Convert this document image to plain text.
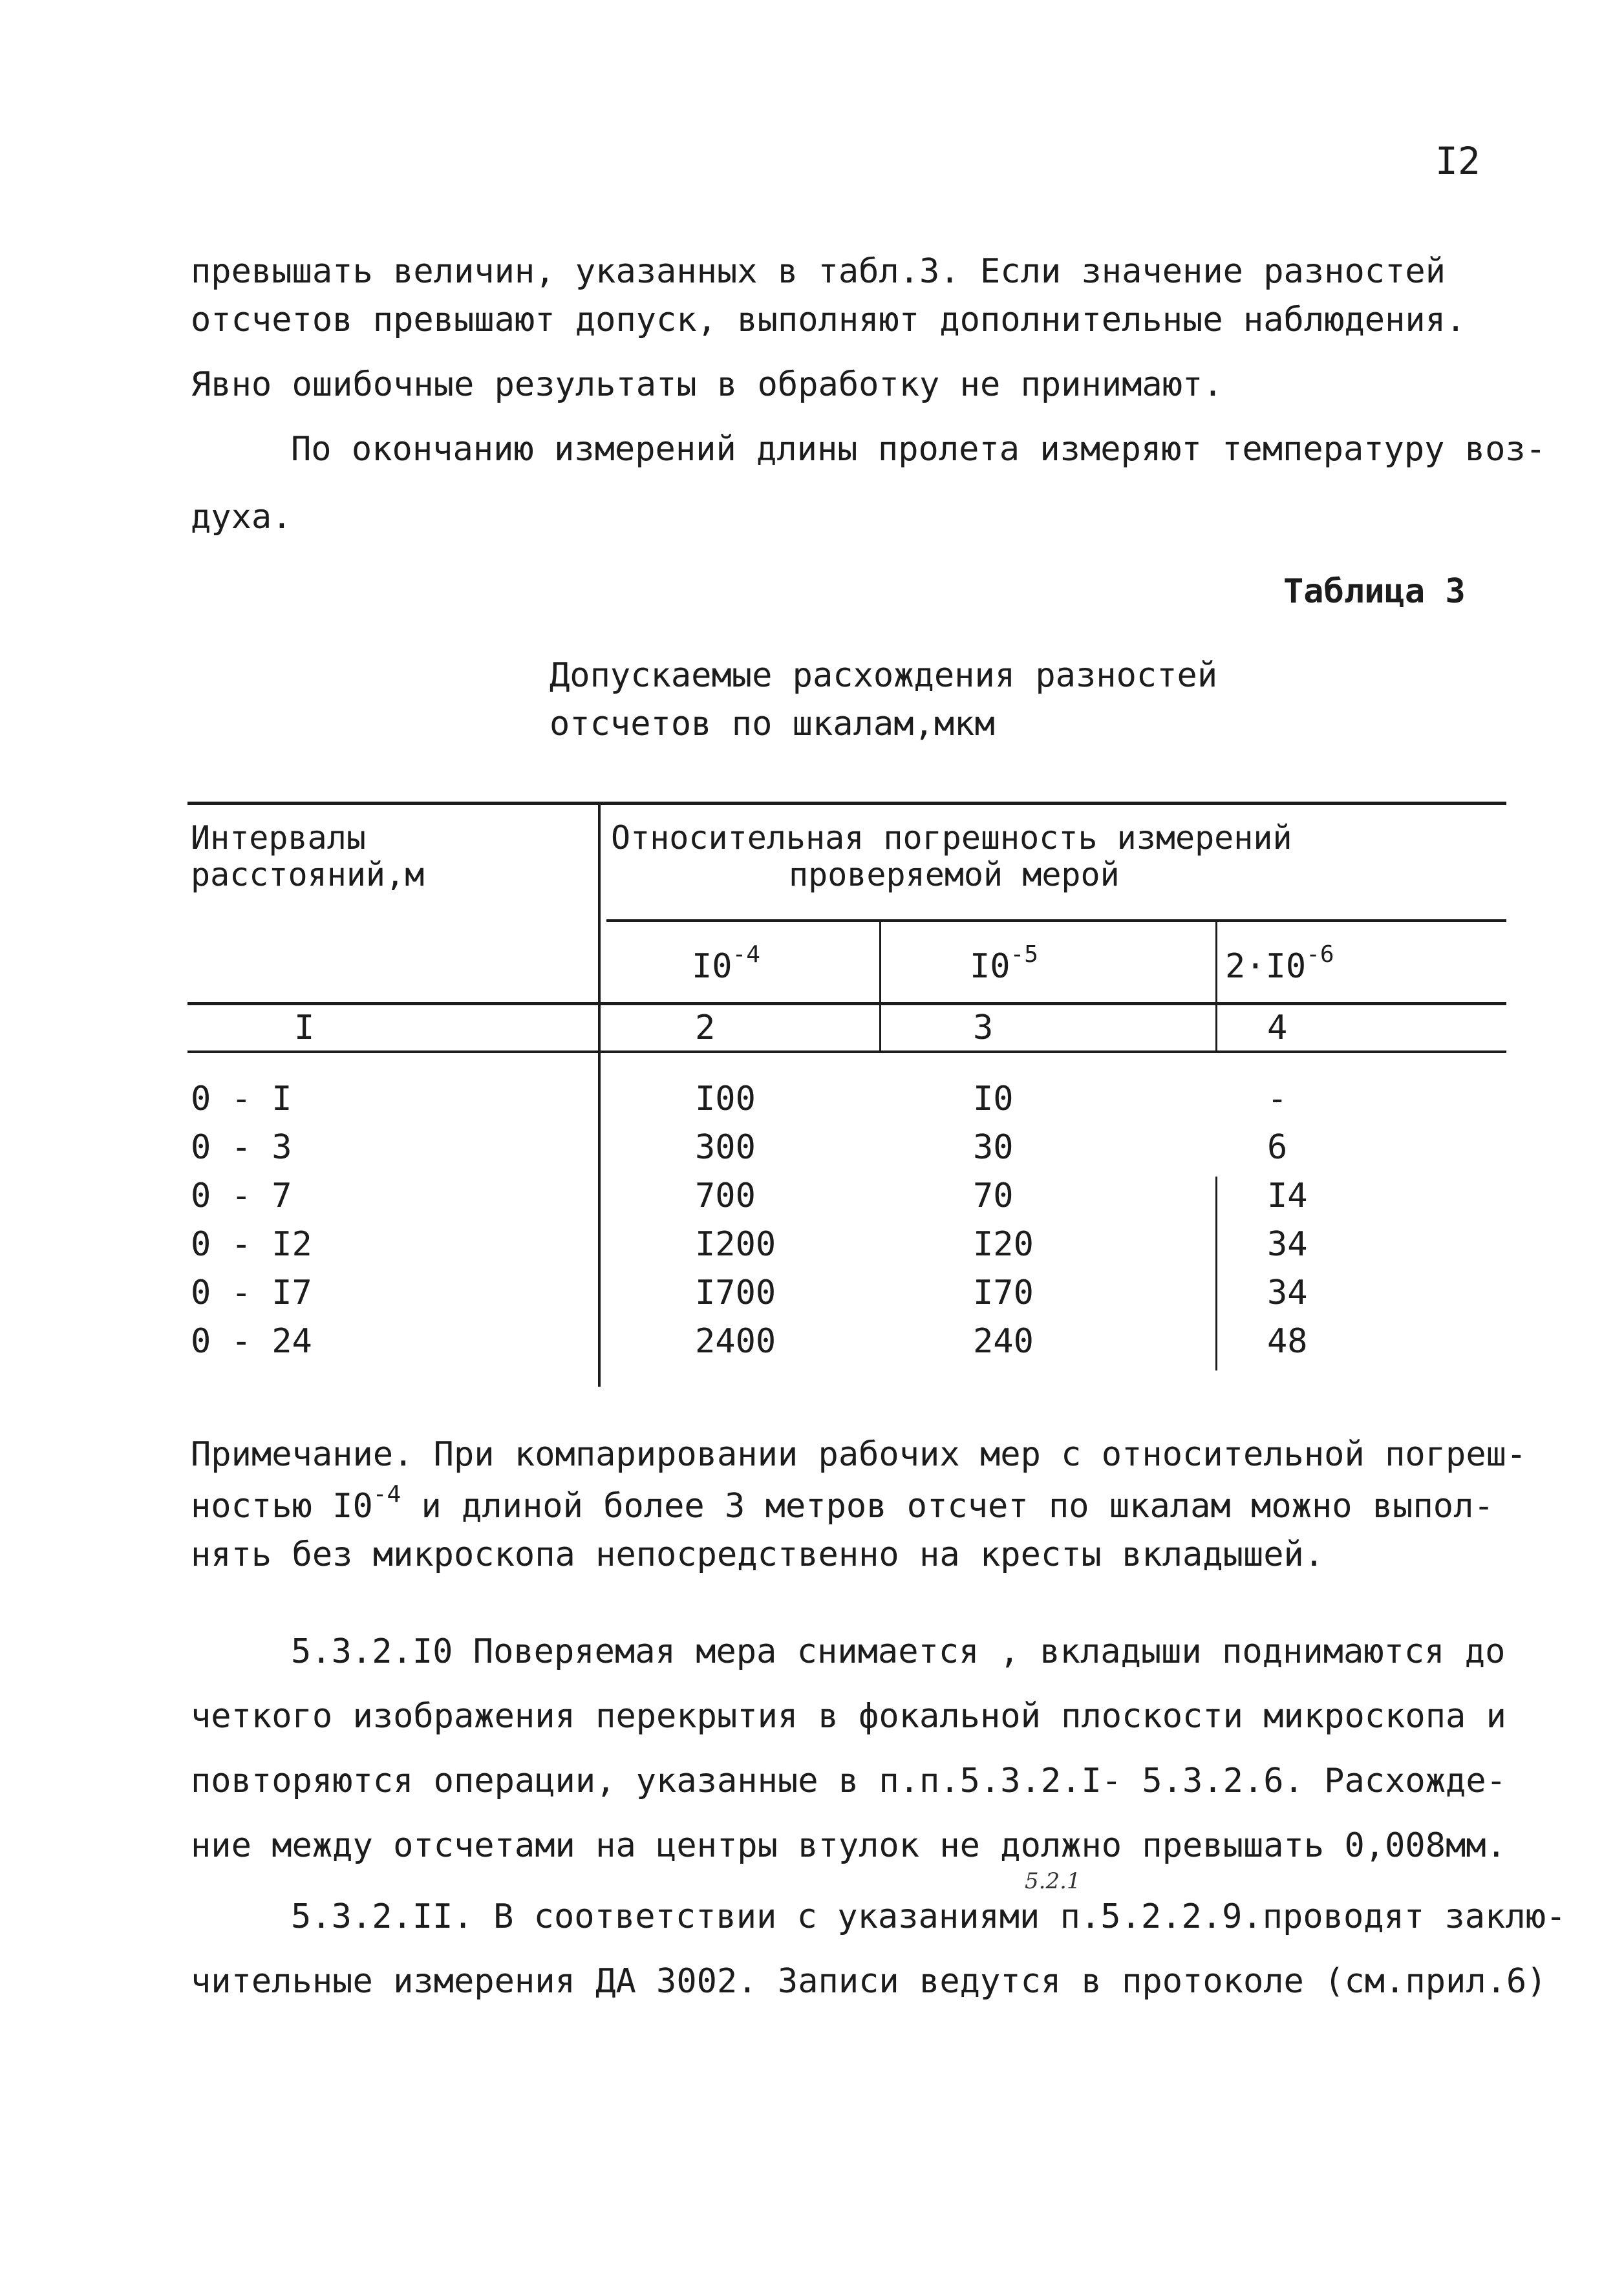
I2
превышать величин, указанных в табл.3. Если значение разностей
отсчетов превышают допуск, выполняют дополнительные наблюдения.
Явно ошибочные результаты в обработку не принимают.
По окончанию измерений длины пролета измеряют температуру воз-
духа.
Таблица 3
Допускаемые расхождения разностей
отсчетов по шкалам,мкм
Интервалы
расстояний,м
Относительная погрешность измерений
проверяемой мерой
$I0^{-4}$	$I0^{-5}$	$2\cdot I0^{-6}$
I	2	3	4
0 - I	I00	I0	-
0 - 3	300	30	6
0 - 7	700	70	I4
0 - I2	I200	I20	34
0 - I7	I700	I70	34
0 - 24	2400	240	48
Примечание. При компарировании рабочих мер с относительной погреш-
ностью $I0^{-4}$ и длиной более 3 метров отсчет по шкалам можно выпол-
нять без микроскопа непосредственно на кресты вкладышей.
5.3.2.I0 Поверяемая мера снимается , вкладыши поднимаются до
четкого изображения перекрытия в фокальной плоскости микроскопа и
повторяются операции, указанные в п.п.5.3.2.I- 5.3.2.6. Расхожде-
ние между отсчетами на центры втулок не должно превышать 0,008мм.
5.2.1
5.3.2.II. В соответствии с указаниями п.5.2.2.9.проводят заклю-
чительные измерения ДА 3002. Записи ведутся в протоколе (см.прил.6)
